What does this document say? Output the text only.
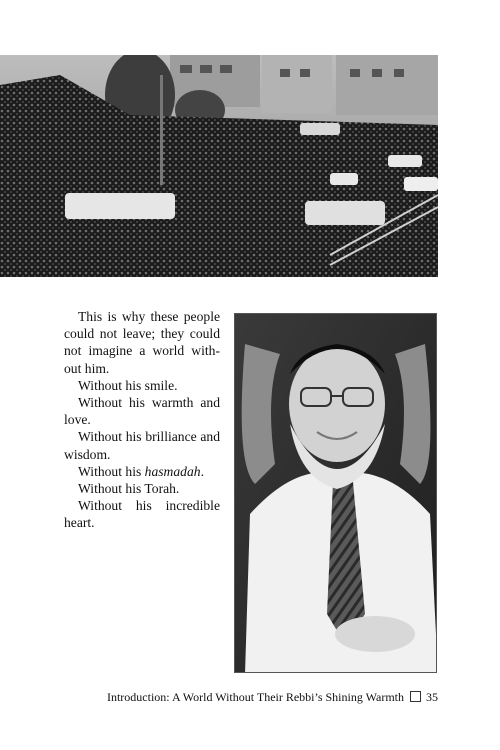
This is why these people could not leave; they could not imagine a world with-out him.

Without his smile.

Without his warmth and love.

Without his brilliance and wisdom.

Without his hasmadah.

Without his Torah.

Without his incredible heart.

Introduction: A World Without Their Rebbi’s Shining Warmth 35
